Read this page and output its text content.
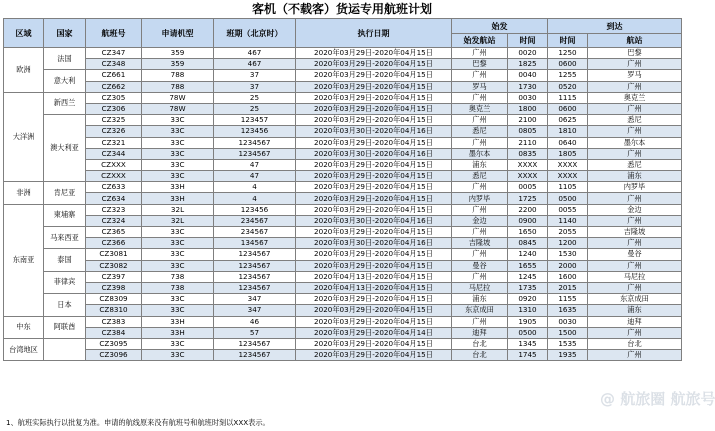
客机（不载客）货运专用航班计划
区域	国家	航班号	申请机型	班期（北京时）	执行日期	始发		到达	
						始发航站	时间	时间	航站
欧洲	法国	CZ347	359	467	2020年03月29日-2020年04月15日	广州	0020	1250	巴黎
		CZ348	359	467	2020年03月29日-2020年04月15日	巴黎	1825	0600	广州
	意大利	CZ661	788	37	2020年03月29日-2020年04月15日	广州	0040	1255	罗马
		CZ662	788	37	2020年03月29日-2020年04月15日	罗马	1730	0520	广州
大洋洲	新西兰	CZ305	78W	25	2020年03月29日-2020年04月15日	广州	0030	1115	奥克兰
		CZ306	78W	25	2020年03月29日-2020年04月15日	奥克兰	1800	0600	广州
	澳大利亚	CZ325	33C	123457	2020年03月29日-2020年04月15日	广州	2100	0625	悉尼
		CZ326	33C	123456	2020年03月30日-2020年04月16日	悉尼	0805	1810	广州
		CZ321	33C	1234567	2020年03月29日-2020年04月15日	广州	2110	0640	墨尔本
		CZ344	33C	1234567	2020年03月30日-2020年04月16日	墨尔本	0835	1805	广州
		CZXXX	33C	47	2020年03月29日-2020年04月15日	浦东	XXXX	XXXX	悉尼
		CZXXX	33C	47	2020年03月29日-2020年04月15日	悉尼	XXXX	XXXX	浦东
非洲	肯尼亚	CZ633	33H	4	2020年03月29日-2020年04月15日	广州	0005	1105	内罗毕
		CZ634	33H	4	2020年03月29日-2020年04月15日	内罗毕	1725	0500	广州
东南亚	柬埔寨	CZ323	32L	123456	2020年03月29日-2020年04月15日	广州	2200	0055	金边
		CZ324	32L	234567	2020年03月30日-2020年04月16日	金边	0900	1140	广州
	马来西亚	CZ365	33C	234567	2020年03月29日-2020年04月15日	广州	1650	2055	吉隆坡
		CZ366	33C	134567	2020年03月30日-2020年04月16日	吉隆坡	0845	1200	广州
	泰国	CZ3081	33C	1234567	2020年03月29日-2020年04月15日	广州	1240	1530	曼谷
		CZ3082	33C	1234567	2020年03月29日-2020年04月15日	曼谷	1655	2000	广州
	菲律宾	CZ397	738	1234567	2020年04月13日-2020年04月15日	广州	1245	1600	马尼拉
		CZ398	738	1234567	2020年04月13日-2020年04月15日	马尼拉	1735	2015	广州
	日本	CZ8309	33C	347	2020年03月29日-2020年04月15日	浦东	0920	1155	东京成田
		CZ8310	33C	347	2020年03月29日-2020年04月15日	东京成田	1310	1635	浦东
中东	阿联酋	CZ383	33H	46	2020年03月29日-2020年04月15日	广州	1905	0030	迪拜
		CZ384	33H	57	2020年03月29日-2020年04月14日	迪拜	0500	1500	广州
台湾地区		CZ3095	33C	1234567	2020年03月29日-2020年04月15日	台北	1345	1535	台北
		CZ3096	33C	1234567	2020年03月29日-2020年04月15日	台北	1745	1935	广州
1、航班实际执行以批复为准。申请的航线原来没有航班号和航班时刻以XXX表示。
@ 航旅圈 航旅号
